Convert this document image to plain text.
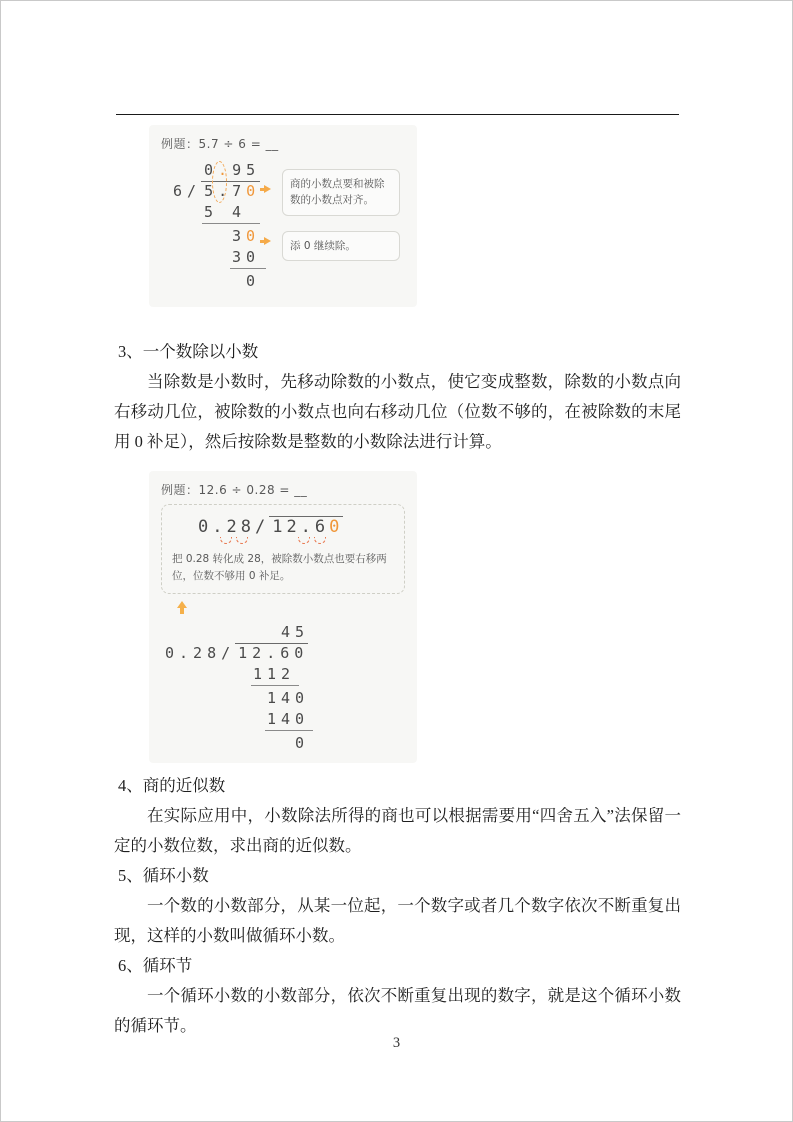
例题：5.7 ÷ 6 = __
0.95
6/ 5.70
5 4
30
30
0
商的小数点要和被除数的小数点对齐。
添 0 继续除。
3、一个数除以小数
当除数是小数时，先移动除数的小数点，使它变成整数，除数的小数点向右移动几位，被除数的小数点也向右移动几位（位数不够的，在被除数的末尾用 0 补足），然后按除数是整数的小数除法进行计算。
例题：12.6 ÷ 0.28 = __
0.28/ 12.60
把 0.28 转化成 28，被除数小数点也要右移两位，位数不够用 0 补足。
45
0.28/ 12.60
112
140
140
0
4、商的近似数
在实际应用中，小数除法所得的商也可以根据需要用“四舍五入”法保留一定的小数位数，求出商的近似数。
5、循环小数
一个数的小数部分，从某一位起，一个数字或者几个数字依次不断重复出现，这样的小数叫做循环小数。
6、循环节
一个循环小数的小数部分，依次不断重复出现的数字，就是这个循环小数的循环节。
3
